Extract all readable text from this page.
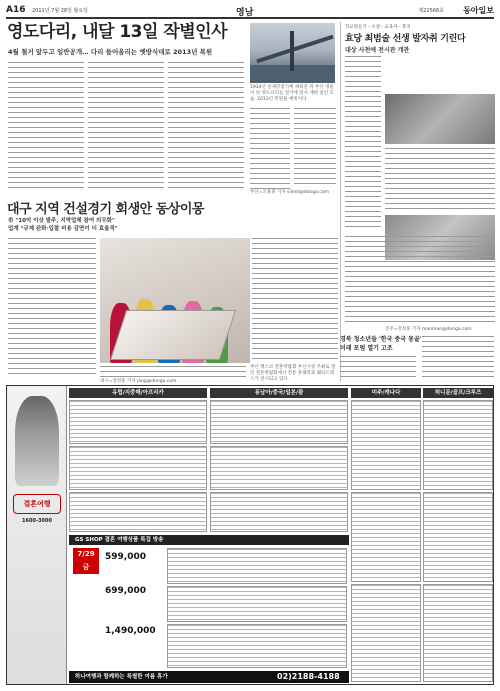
A16 2011년 7월 28일 월요일	영남	제22566호 동아일보
영도다리, 내달 13일 작별인사
4월 철거 앞두고 일반공개… 다리 들어올리는 옛방식대로 2013년 복원
1934년 일제강점기에 세워진 뒤 부산 명물이 된 영도다리를 철거에 앞서 재현 중인 모습. 2013년 복원될 예정이다.
부산=조용휘 기자 silent@donga.com
대구 지역 건설경기 회생안 동상이몽
市 "10억 이상 발주, 지역업체 참여 의무화"
업계 "규제 완화·입찰 비용 감면이 더 효율적"
부산 백스코 결혼박람회 부산시청 주최로 열린 결혼박람회에서 전통 혼례복과 웨딩드레스가 전시되고 있다.
대구=장영훈 기자 jang@donga.com
학교만들기 - 소셜 - 교육자 - 복지
효당 최범술 선생 발자취 기린다
대상 사천에 전시관 개관
진주=강정훈 기자 manman@donga.com
경북 청소년들 '한국 중국 몽골' 미래 포럼 열기 고조
결혼여행
1600-3000
유럽/지중해/아프리카	동남아/중국/일본/괌	미주/캐나다	허니문/골프/크루즈
GS SHOP 결혼 여행상품 특집 방송
7/29
금
599,000
699,000
1,490,000
하나여행과 함께하는 특별한 여름 휴가	02)2188-4188
